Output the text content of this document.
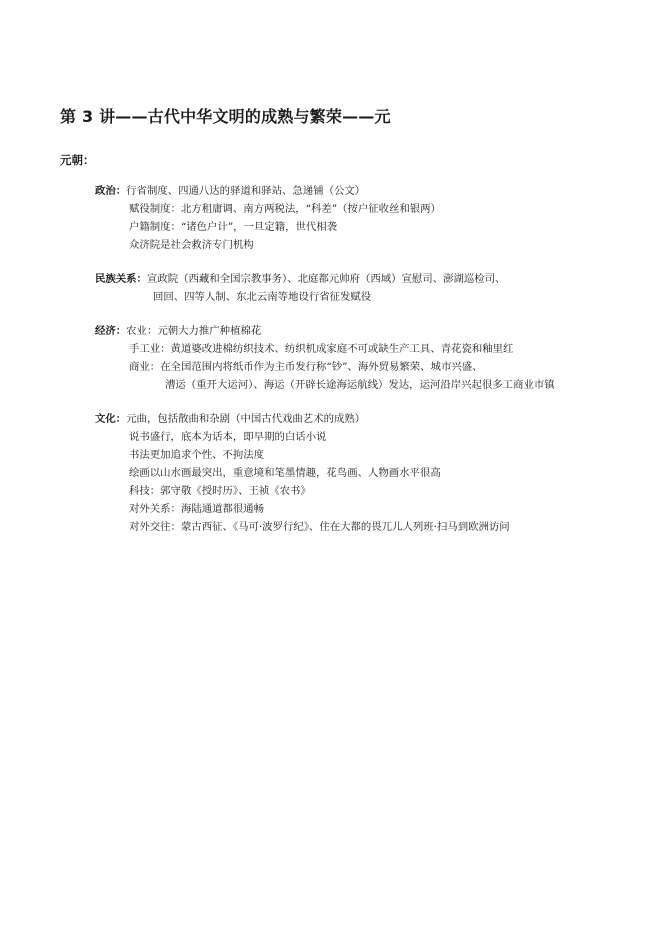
第 3 讲——古代中华文明的成熟与繁荣——元
元朝：
政治：行省制度、四通八达的驿道和驿站、急递铺（公文）
赋役制度：北方租庸调、南方两税法，“科差”（按户征收丝和银两）
户籍制度：“诸色户计”，一旦定籍，世代相袭
众济院是社会救济专门机构
民族关系：宣政院（西藏和全国宗教事务）、北庭都元帅府（西域）宣慰司、澎湖巡检司、
回回、四等人制、东北云南等地设行省征发赋役
经济：农业：元朝大力推广种植棉花
手工业：黄道婆改进棉纺织技术、纺织机成家庭不可或缺生产工具、青花瓷和釉里红
商业：在全国范围内将纸币作为主币发行称“钞”、海外贸易繁荣、城市兴盛、
漕运（重开大运河）、海运（开辟长途海运航线）发达，运河沿岸兴起很多工商业市镇
文化：元曲，包括散曲和杂剧（中国古代戏曲艺术的成熟）
说书盛行，底本为话本，即早期的白话小说
书法更加追求个性、不拘法度
绘画以山水画最突出，重意境和笔墨情趣，花鸟画、人物画水平很高
科技：郭守敬《授时历》、王祯《农书》
对外关系：海陆通道都很通畅
对外交往：蒙古西征、《马可·波罗行纪》、住在大都的畏兀儿人列班·扫马到欧洲访问
